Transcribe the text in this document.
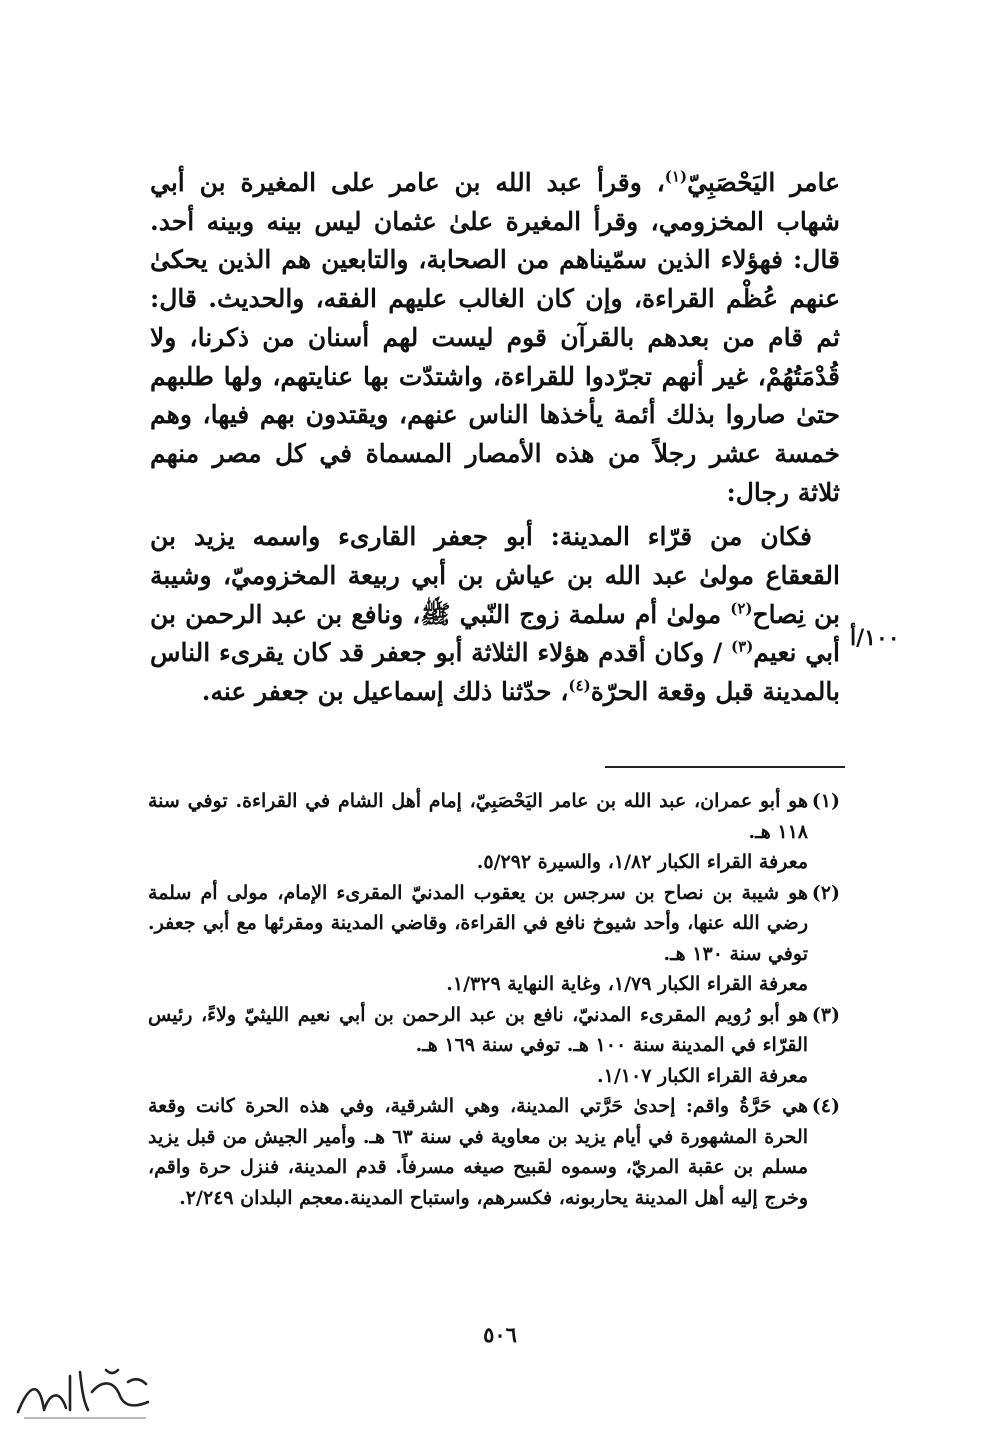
١٠٠/أ

عامر اليَحْصَبِيّ$^{(١)}$، وقرأ عبد الله بن عامر على المغيرة بن أبي شهاب المخزومي، وقرأ المغيرة علىٰ عثمان ليس بينه وبينه أحد. قال: فهؤلاء الذين سمّيناهم من الصحابة، والتابعين هم الذين يحكىٰ عنهم عُظْم القراءة، وإن كان الغالب عليهم الفقه، والحديث. قال: ثم قام من بعدهم بالقرآن قوم ليست لهم أسنان من ذكرنا، ولا قُدْمَتُهُمْ، غير أنهم تجرّدوا للقراءة، واشتدّت بها عنايتهم، ولها طلبهم حتىٰ صاروا بذلك أئمة يأخذها الناس عنهم، ويقتدون بهم فيها، وهم خمسة عشر رجلاً من هذه الأمصار المسماة في كل مصر منهم ثلاثة رجال:

فكان من قرّاء المدينة: أبو جعفر القارىء واسمه يزيد بن القعقاع مولىٰ عبد الله بن عياش بن أبي ربيعة المخزوميّ، وشيبة بن نِصاح$^{(٢)}$ مولىٰ أم سلمة زوج النّبي ﷺ، ونافع بن عبد الرحمن بن أبي نعيم$^{(٣)}$ / وكان أقدم هؤلاء الثلاثة أبو جعفر قد كان يقرىء الناس بالمدينة قبل وقعة الحرّة$^{(٤)}$، حدّثنا ذلك إسماعيل بن جعفر عنه.

(١)
هو أبو عمران، عبد الله بن عامر اليَحْصَبِيّ، إمام أهل الشام في القراءة. توفي سنة ١١٨ هـ.
معرفة القراء الكبار ١/٨٢، والسيرة ٥/٢٩٢.
(٢)
هو شيبة بن نصاح بن سرجس بن يعقوب المدنيّ المقرىء الإمام، مولى أم سلمة رضي الله عنها، وأحد شيوخ نافع في القراءة، وقاضي المدينة ومقرئها مع أبي جعفر. توفي سنة ١٣٠ هـ.
معرفة القراء الكبار ١/٧٩، وغاية النهاية ١/٣٢٩.
(٣)
هو أبو رُويم المقرىء المدنيّ، نافع بن عبد الرحمن بن أبي نعيم الليثيّ ولاءً، رئيس القرّاء في المدينة سنة ١٠٠ هـ. توفي سنة ١٦٩ هـ.
معرفة القراء الكبار ١/١٠٧.
(٤)
هي حَرَّةُ واقم: إحدىٰ حَرَّتي المدينة، وهي الشرقية، وفي هذه الحرة كانت وقعة الحرة المشهورة في أيام يزيد بن معاوية في سنة ٦٣ هـ. وأمير الجيش من قبل يزيد مسلم بن عقبة المريّ، وسموه لقبيح صيغه مسرفاً. قدم المدينة، فنزل حرة واقم، وخرج إليه أهل المدينة يحاربونه، فكسرهم، واستباح المدينة.معجم البلدان ٢/٢٤٩.
٥٠٦
